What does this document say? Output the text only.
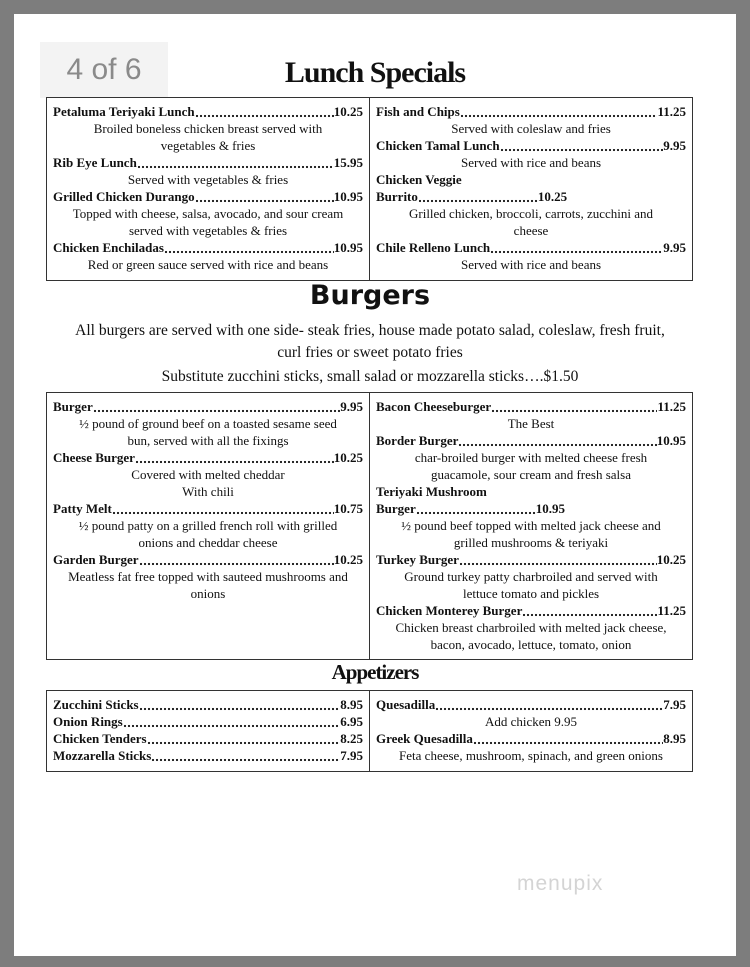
4 of 6	Lunch Specials
Petaluma Teriyaki Lunch	10.25
Broiled boneless chicken breast served with
vegetables & fries
Rib Eye Lunch	15.95
Served with vegetables & fries
Grilled Chicken Durango	10.95
Topped with cheese, salsa, avocado, and sour cream
served with vegetables & fries
Chicken Enchiladas	10.95
Red or green sauce served with rice and beans
Fish and Chips	11.25
Served with coleslaw and fries
Chicken Tamal Lunch	9.95
Served with rice and beans
Chicken Veggie
Burrito	10.25
Grilled chicken, broccoli, carrots, zucchini and
cheese
Chile Relleno Lunch	9.95
Served with rice and beans
Burgers
All burgers are served with one side- steak fries, house made potato salad, coleslaw, fresh fruit,
curl fries or sweet potato fries
Substitute zucchini sticks, small salad or mozzarella sticks….$1.50
Burger	9.95
½ pound of ground beef on a toasted sesame seed
bun, served with all the fixings
Cheese Burger	10.25
Covered with melted cheddar
With chili
Patty Melt	10.75
½ pound patty on a grilled french roll with grilled
onions and cheddar cheese
Garden Burger	10.25
Meatless fat free topped with sauteed mushrooms and
onions
Bacon Cheeseburger	11.25
The Best
Border Burger	10.95
char-broiled burger with melted cheese fresh
guacamole, sour cream and fresh salsa
Teriyaki Mushroom
Burger	10.95
½ pound beef topped with melted jack cheese and
grilled mushrooms & teriyaki
Turkey Burger	10.25
Ground turkey patty charbroiled and served with
lettuce tomato and pickles
Chicken Monterey Burger	11.25
Chicken breast charbroiled with melted jack cheese,
bacon, avocado, lettuce, tomato, onion
Appetizers
Zucchini Sticks	8.95
Onion Rings	6.95
Chicken Tenders	8.25
Mozzarella Sticks	7.95
Quesadilla	7.95
Add chicken 9.95
Greek Quesadilla	8.95
Feta cheese, mushroom, spinach, and green onions
menupix
